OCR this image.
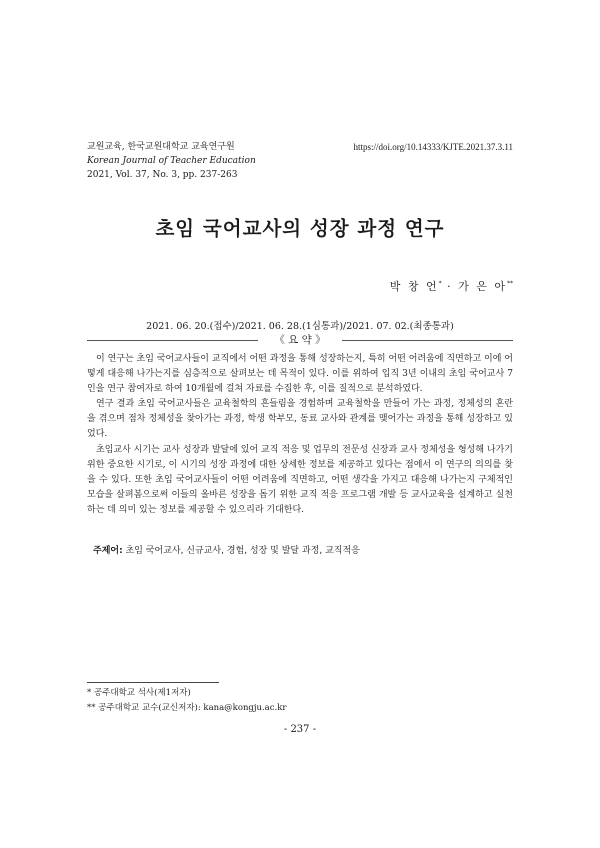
교원교육, 한국교원대학교 교육연구원
Korean Journal of Teacher Education
2021, Vol. 37, No. 3, pp. 237-263
https://doi.org/10.14333/KJTE.2021.37.3.11
초임 국어교사의 성장 과정 연구
박 창 언* · 가 은 아**
2021. 06. 20.(접수)/2021. 06. 28.(1심통과)/2021. 07. 02.(최종통과)
《 요 약 》

이 연구는 초임 국어교사들이 교직에서 어떤 과정을 통해 성장하는지, 특히 어떤 어려움에 직면하고 이에 어떻게 대응해 나가는지를 심층적으로 살펴보는 데 목적이 있다. 이를 위하여 입직 3년 이내의 초임 국어교사 7인을 연구 참여자로 하여 10개월에 걸쳐 자료를 수집한 후, 이를 질적으로 분석하였다.

연구 결과 초임 국어교사들은 교육철학의 흔들림을 경험하며 교육철학을 만들어 가는 과정, 정체성의 혼란을 겪으며 점차 정체성을 찾아가는 과정, 학생 학부모, 동료 교사와 관계를 맺어가는 과정을 통해 성장하고 있었다.

초임교사 시기는 교사 성장과 발달에 있어 교직 적응 및 업무의 전문성 신장과 교사 정체성을 형성해 나가기 위한 중요한 시기로, 이 시기의 성장 과정에 대한 상세한 정보를 제공하고 있다는 점에서 이 연구의 의의를 찾을 수 있다. 또한 초임 국어교사들이 어떤 어려움에 직면하고, 어떤 생각을 가지고 대응해 나가는지 구체적인 모습을 살펴봄으로써 이들의 올바른 성장을 돕기 위한 교직 적응 프로그램 개발 등 교사교육을 설계하고 실천하는 데 의미 있는 정보를 제공할 수 있으리라 기대한다.

주제어: 초임 국어교사, 신규교사, 경험, 성장 및 발달 과정, 교직적응
* 공주대학교 석사(제1저자)
** 공주대학교 교수(교신저자): kana@kongju.ac.kr
- 237 -
